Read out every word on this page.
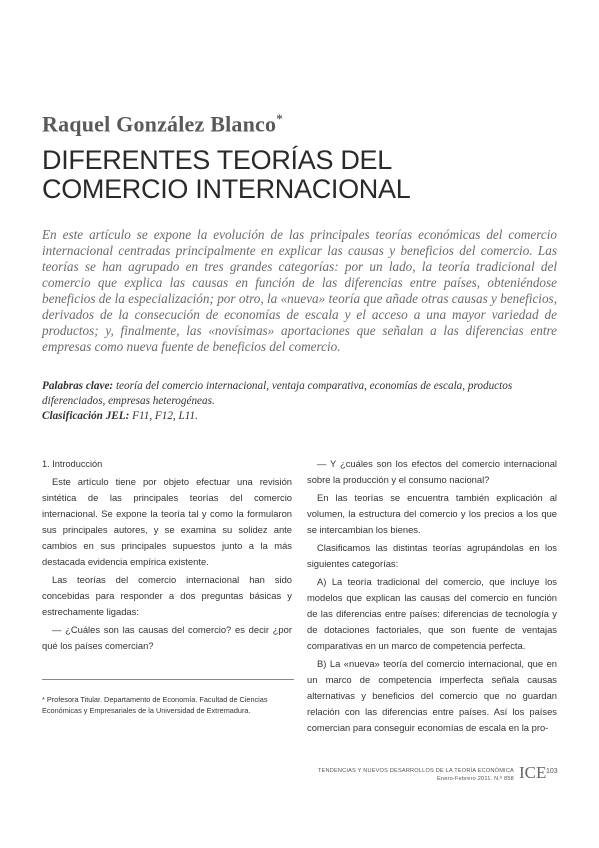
Raquel González Blanco*
DIFERENTES TEORÍAS DEL
COMERCIO INTERNACIONAL
En este artículo se expone la evolución de las principales teorías económicas del comercio internacional centradas principalmente en explicar las causas y beneficios del comercio. Las teorías se han agrupado en tres grandes categorías: por un lado, la teoría tradicional del comercio que explica las causas en función de las diferencias entre países, obteniéndose beneficios de la especialización; por otro, la «nueva» teoría que añade otras causas y beneficios, derivados de la consecución de economías de escala y el acceso a una mayor variedad de productos; y, finalmente, las «novísimas» aportaciones que señalan a las diferencias entre empresas como nueva fuente de beneficios del comercio.
Palabras clave: teoría del comercio internacional, ventaja comparativa, economías de escala, productos diferenciados, empresas heterogéneas.
Clasificación JEL: F11, F12, L11.

1. Introducción

Este artículo tiene por objeto efectuar una revisión sintética de las principales teorías del comercio internacional. Se expone la teoría tal y como la formularon sus principales autores, y se examina su solidez ante cambios en sus principales supuestos junto a la más destacada evidencia empírica existente.

Las teorías del comercio internacional han sido concebidas para responder a dos preguntas básicas y estrechamente ligadas:

— ¿Cuáles son las causas del comercio? es decir ¿por qué los países comercian?

— Y ¿cuáles son los efectos del comercio internacional sobre la producción y el consumo nacional?

En las teorías se encuentra también explicación al volumen, la estructura del comercio y los precios a los que se intercambian los bienes.

Clasificamos las distintas teorías agrupándolas en los siguientes categorías:

A) La teoría tradicional del comercio, que incluye los modelos que explican las causas del comercio en función de las diferencias entre países: diferencias de tecnología y de dotaciones factoriales, que son fuente de ventajas comparativas en un marco de competencia perfecta.

B) La «nueva» teoría del comercio internacional, que en un marco de competencia imperfecta señala causas alternativas y beneficios del comercio que no guardan relación con las diferencias entre países. Así los países comercian para conseguir economías de escala en la pro-

* Profesora Titular. Departamento de Economía. Facultad de Ciencias Económicas y Empresariales de la Universidad de Extremadura.
TENDENCIAS Y NUEVOS DESARROLLOS DE LA TEORÍA ECONÓMICA
Enero-Febrero 2011. N.º 858 ICE 103
